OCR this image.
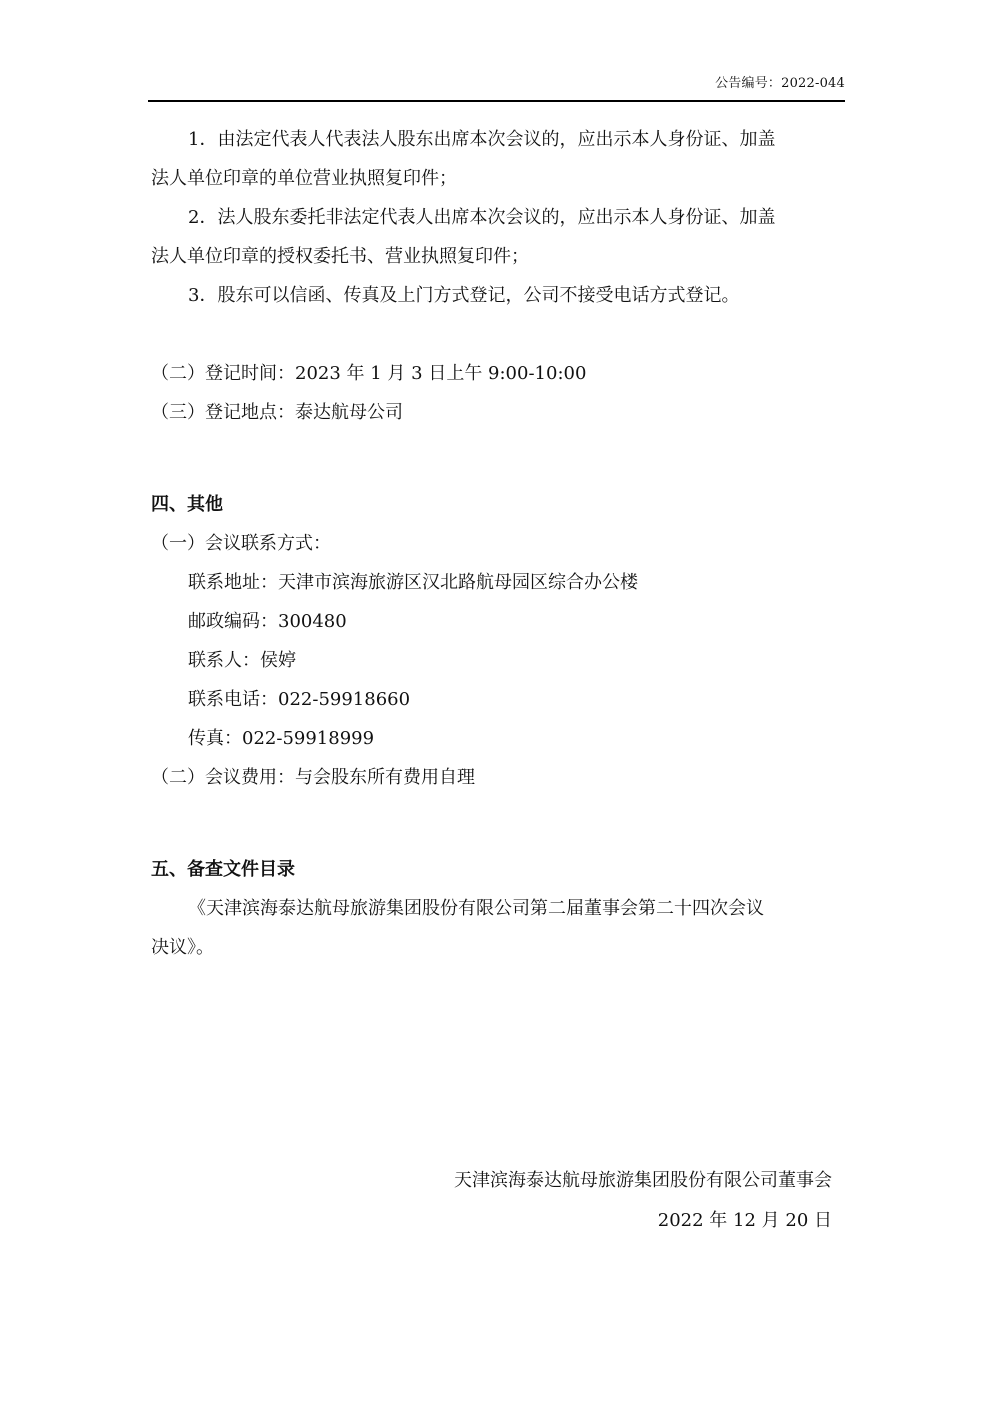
公告编号：2022-044
1．由法定代表人代表法人股东出席本次会议的，应出示本人身份证、加盖
法人单位印章的单位营业执照复印件；
2．法人股东委托非法定代表人出席本次会议的，应出示本人身份证、加盖
法人单位印章的授权委托书、营业执照复印件；
3．股东可以信函、传真及上门方式登记，公司不接受电话方式登记。
（二）登记时间：2023 年 1 月 3 日上午 9:00-10:00
（三）登记地点：泰达航母公司
四、其他
（一）会议联系方式：
联系地址：天津市滨海旅游区汉北路航母园区综合办公楼
邮政编码：300480
联系人：侯婷
联系电话：022-59918660
传真：022-59918999
（二）会议费用：与会股东所有费用自理
五、备查文件目录
《天津滨海泰达航母旅游集团股份有限公司第二届董事会第二十四次会议
决议》。
天津滨海泰达航母旅游集团股份有限公司董事会
2022 年 12 月 20 日
